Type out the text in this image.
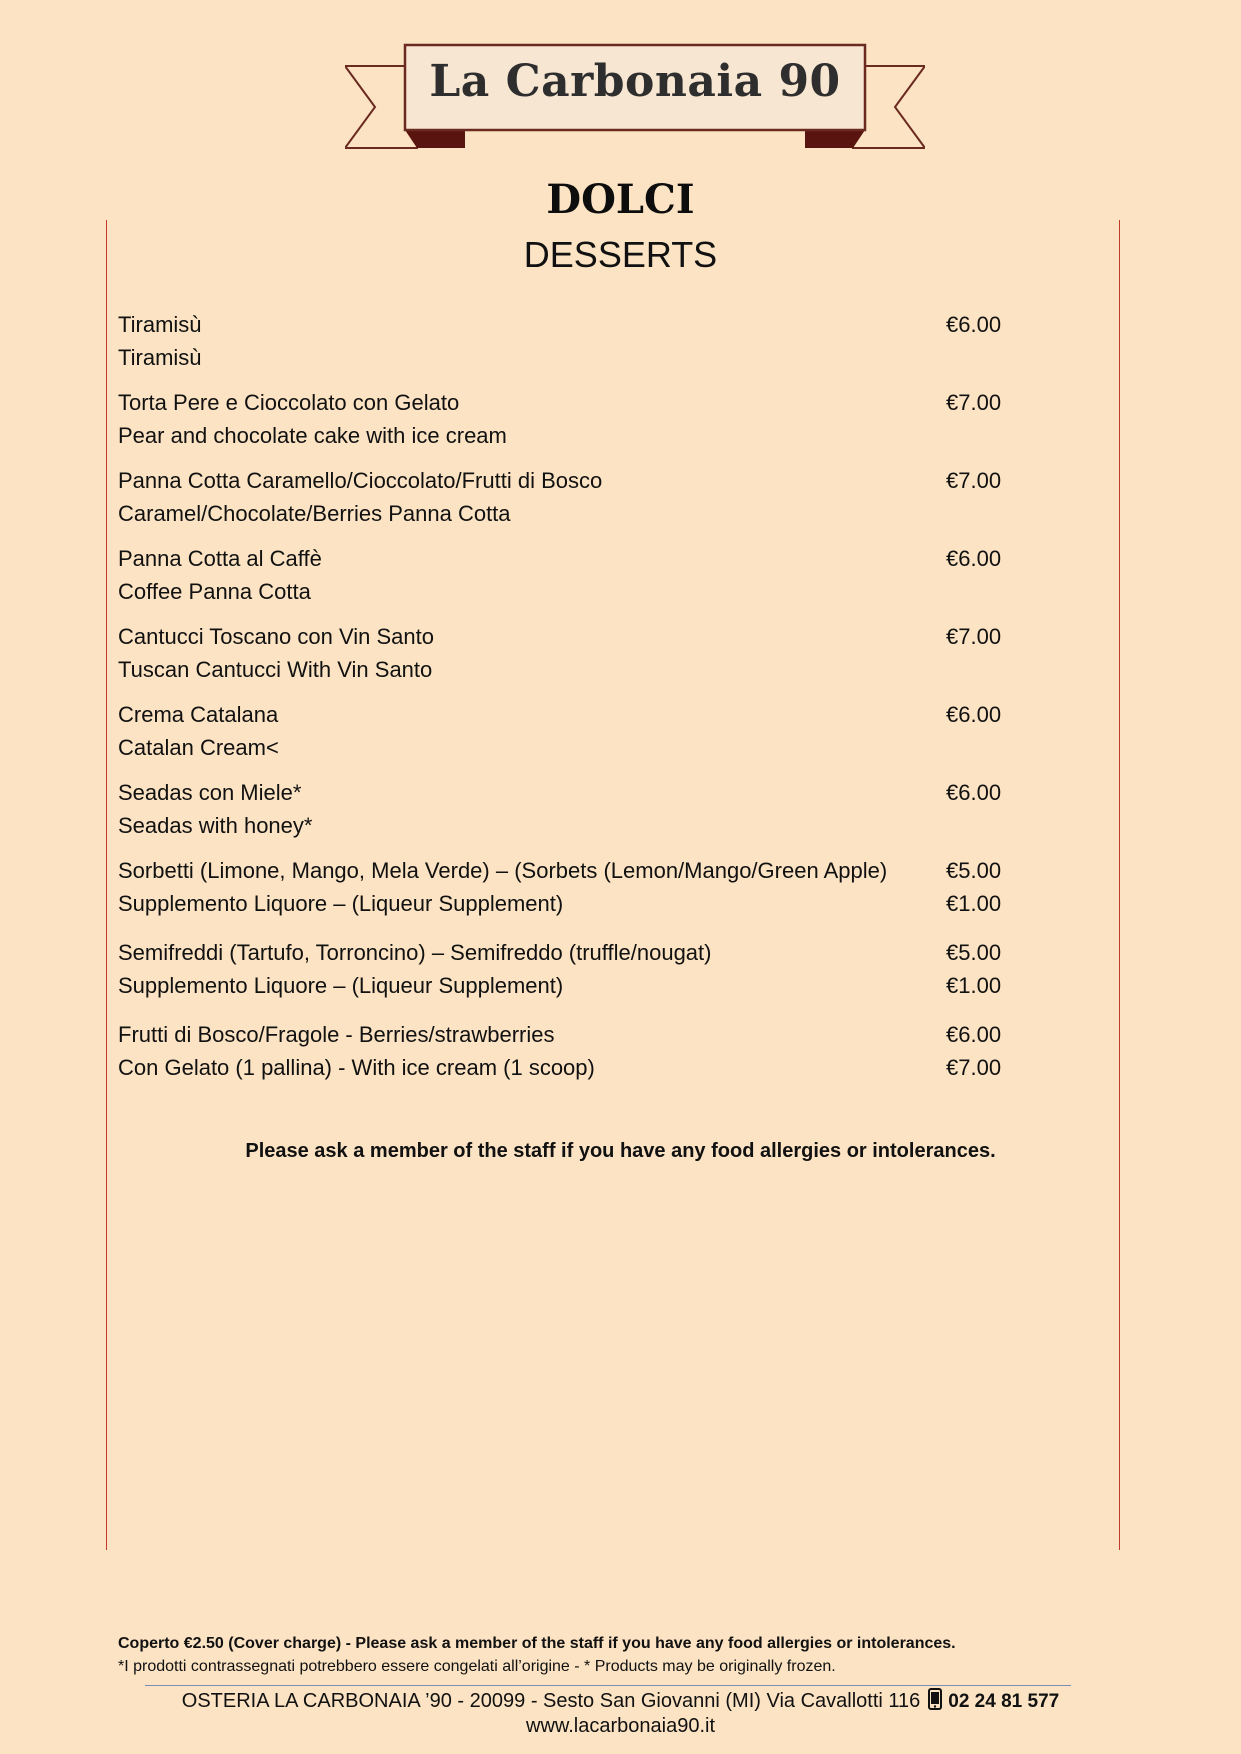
La Carbonaia 90
DOLCI
DESSERTS
Tiramisù	€6.00
Tiramisù
Torta Pere e Cioccolato con Gelato	€7.00
Pear and chocolate cake with ice cream
Panna Cotta Caramello/Cioccolato/Frutti di Bosco	€7.00
Caramel/Chocolate/Berries Panna Cotta
Panna Cotta al Caffè	€6.00
Coffee Panna Cotta
Cantucci Toscano con Vin Santo	€7.00
Tuscan Cantucci With Vin Santo
Crema Catalana	€6.00
Catalan Cream<
Seadas con Miele*	€6.00
Seadas with honey*
Sorbetti (Limone, Mango, Mela Verde) – (Sorbets (Lemon/Mango/Green Apple)	€5.00
Supplemento Liquore – (Liqueur Supplement)	€1.00
Semifreddi (Tartufo, Torroncino) – Semifreddo (truffle/nougat)	€5.00
Supplemento Liquore – (Liqueur Supplement)	€1.00
Frutti di Bosco/Fragole - Berries/strawberries	€6.00
Con Gelato (1 pallina) - With ice cream (1 scoop)	€7.00
Please ask a member of the staff if you have any food allergies or intolerances.
Coperto €2.50 (Cover charge) - Please ask a member of the staff if you have any food allergies or intolerances.
*I prodotti contrassegnati potrebbero essere congelati all’origine - * Products may be originally frozen.
OSTERIA LA CARBONAIA ’90 - 20099 - Sesto San Giovanni (MI) Via Cavallotti 116 02 24 81 577
www.lacarbonaia90.it
